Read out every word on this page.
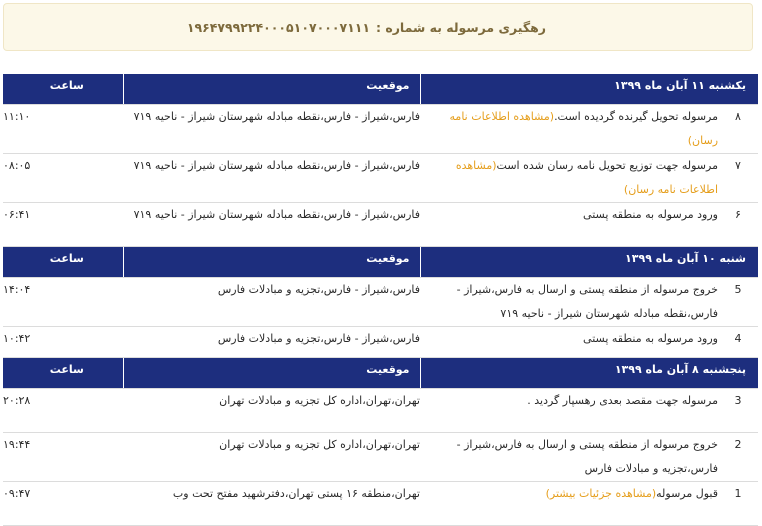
رهگیری مرسوله به شماره :
۱۹۶۴۷۹۹۲۲۴۰۰۰۵۱۰۷۰۰۰۷۱۱۱
یکشنبه ۱۱ آبان ماه ۱۳۹۹		موقعیت	ساعت
۸	مرسوله تحویل گیرنده گردیده است.(مشاهده اطلاعات نامه رسان)	فارس،شیراز - فارس،نقطه مبادله شهرستان شیراز - ناحیه ۷۱۹	۱۱:۱۰
۷	مرسوله جهت توزیع تحویل نامه رسان شده است(مشاهده اطلاعات نامه رسان)	فارس،شیراز - فارس،نقطه مبادله شهرستان شیراز - ناحیه ۷۱۹	۰۸:۰۵
۶	ورود مرسوله به منطقه پستی	فارس،شیراز - فارس،نقطه مبادله شهرستان شیراز - ناحیه ۷۱۹	۰۶:۴۱
شنبه ۱۰ آبان ماه ۱۳۹۹		موقعیت	ساعت
5	خروج مرسوله از منطقه پستی و ارسال به فارس،شیراز - فارس،نقطه مبادله شهرستان شیراز - ناحیه ۷۱۹	فارس،شیراز - فارس،تجزیه و مبادلات فارس	۱۴:۰۴
4	ورود مرسوله به منطقه پستی	فارس،شیراز - فارس،تجزیه و مبادلات فارس	۱۰:۴۲
پنجشنبه ۸ آبان ماه ۱۳۹۹		موقعیت	ساعت
3	مرسوله جهت مقصد بعدی رهسپار گردید .	تهران،تهران،اداره کل تجزیه و مبادلات تهران	۲۰:۲۸
2	خروج مرسوله از منطقه پستی و ارسال به فارس،شیراز - فارس،تجزیه و مبادلات فارس	تهران،تهران،اداره کل تجزیه و مبادلات تهران	۱۹:۴۴
1	قبول مرسوله(مشاهده جزئیات بیشتر)	تهران،منطقه ۱۶ پستی تهران،دفترشهید مفتح تحت وب	۰۹:۴۷
